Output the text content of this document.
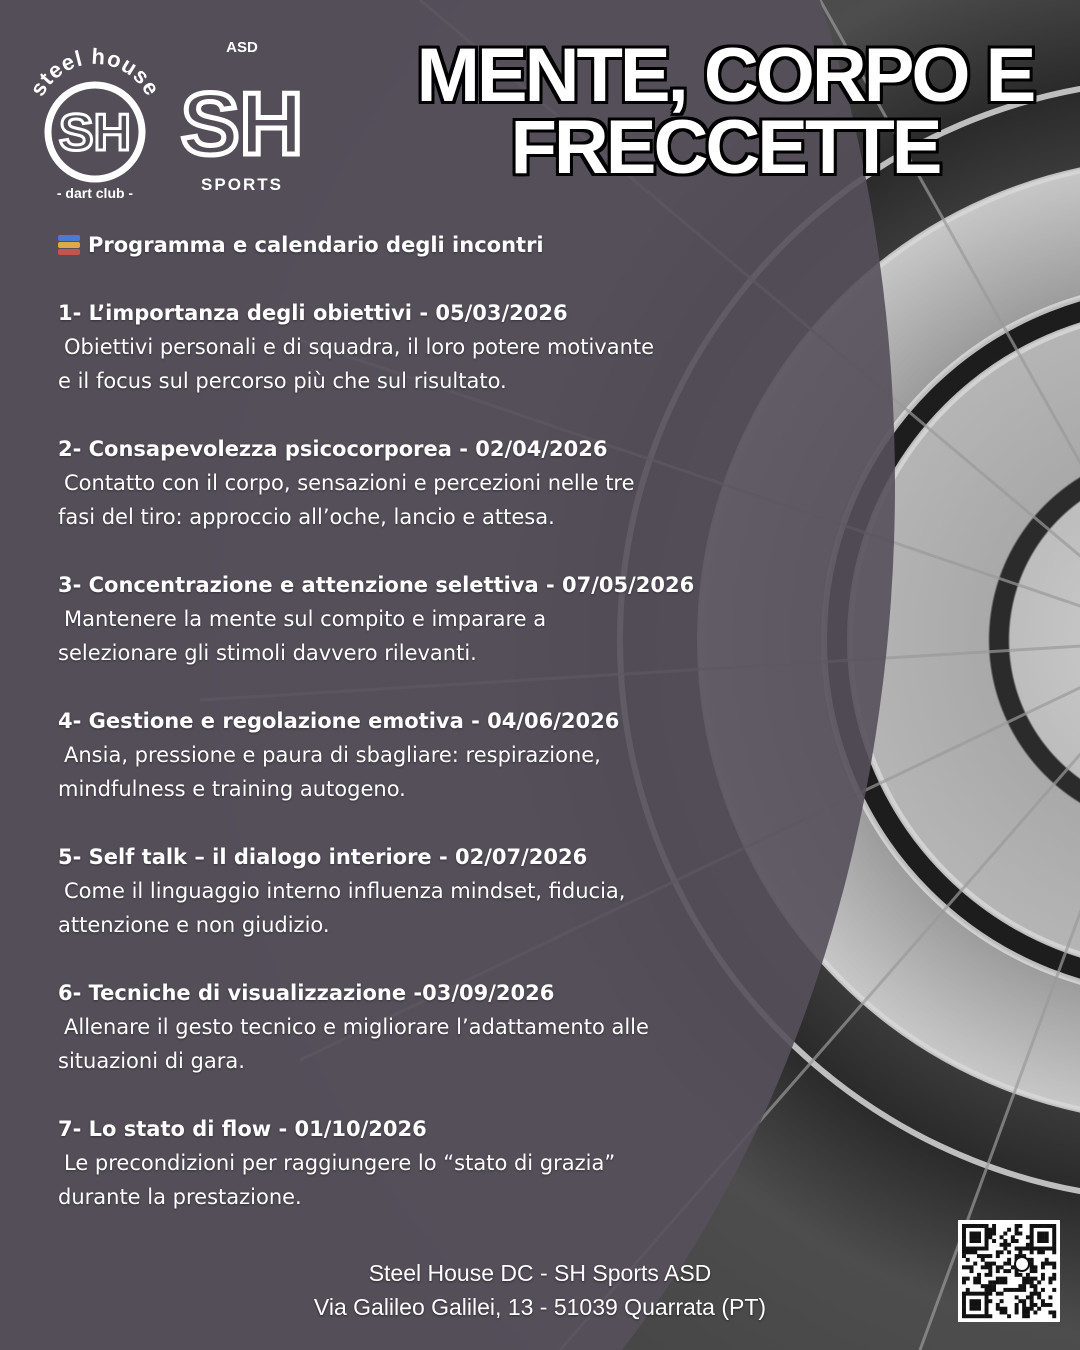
steel house
SH
- dart club -
ASD
SH
SPORTS
MENTE, CORPO E
FRECCETTE
Programma e calendario degli incontri
1- L’importanza degli obiettivi - 05/03/2026
Obiettivi personali e di squadra, il loro potere motivante
e il focus sul percorso più che sul risultato.
2- Consapevolezza psicocorporea - 02/04/2026
Contatto con il corpo, sensazioni e percezioni nelle tre
fasi del tiro: approccio all’oche, lancio e attesa.
3- Concentrazione e attenzione selettiva - 07/05/2026
Mantenere la mente sul compito e imparare a
selezionare gli stimoli davvero rilevanti.
4- Gestione e regolazione emotiva - 04/06/2026
Ansia, pressione e paura di sbagliare: respirazione,
mindfulness e training autogeno.
5- Self talk – il dialogo interiore - 02/07/2026
Come il linguaggio interno influenza mindset, fiducia,
attenzione e non giudizio.
6- Tecniche di visualizzazione -03/09/2026
Allenare il gesto tecnico e migliorare l’adattamento alle
situazioni di gara.
7- Lo stato di flow - 01/10/2026
Le precondizioni per raggiungere lo “stato di grazia”
durante la prestazione.
Steel House DC - SH Sports ASD
Via Galileo Galilei, 13 - 51039 Quarrata (PT)
